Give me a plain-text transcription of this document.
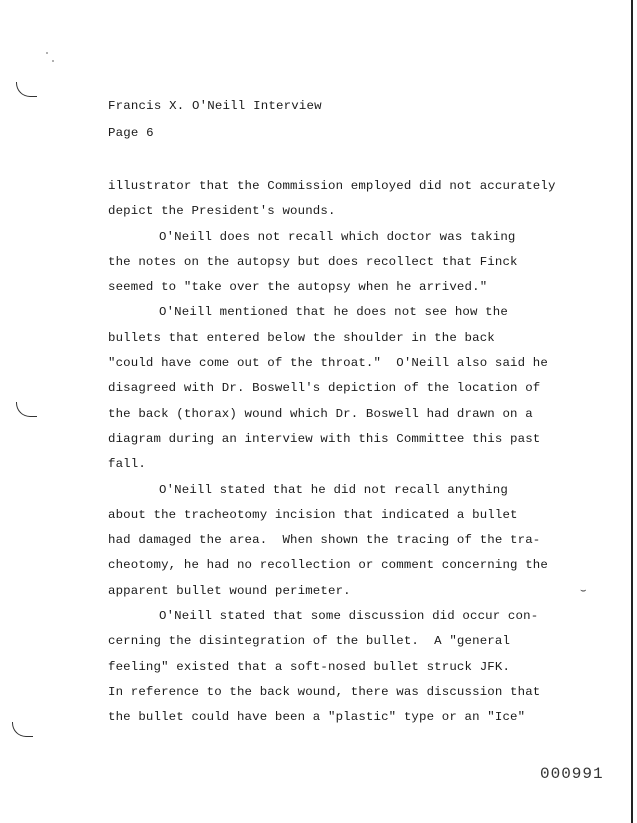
Francis X. O'Neill Interview
Page 6
illustrator that the Commission employed did not accurately
depict the President's wounds.
O'Neill does not recall which doctor was taking
the notes on the autopsy but does recollect that Finck
seemed to "take over the autopsy when he arrived."
O'Neill mentioned that he does not see how the
bullets that entered below the shoulder in the back
"could have come out of the throat."  O'Neill also said he
disagreed with Dr. Boswell's depiction of the location of
the back (thorax) wound which Dr. Boswell had drawn on a
diagram during an interview with this Committee this past
fall.
O'Neill stated that he did not recall anything
about the tracheotomy incision that indicated a bullet
had damaged the area.  When shown the tracing of the tra-
cheotomy, he had no recollection or comment concerning the
apparent bullet wound perimeter.
O'Neill stated that some discussion did occur con-
cerning the disintegration of the bullet.  A "general
feeling" existed that a soft-nosed bullet struck JFK.
In reference to the back wound, there was discussion that
the bullet could have been a "plastic" type or an "Ice"
⌣
000991
